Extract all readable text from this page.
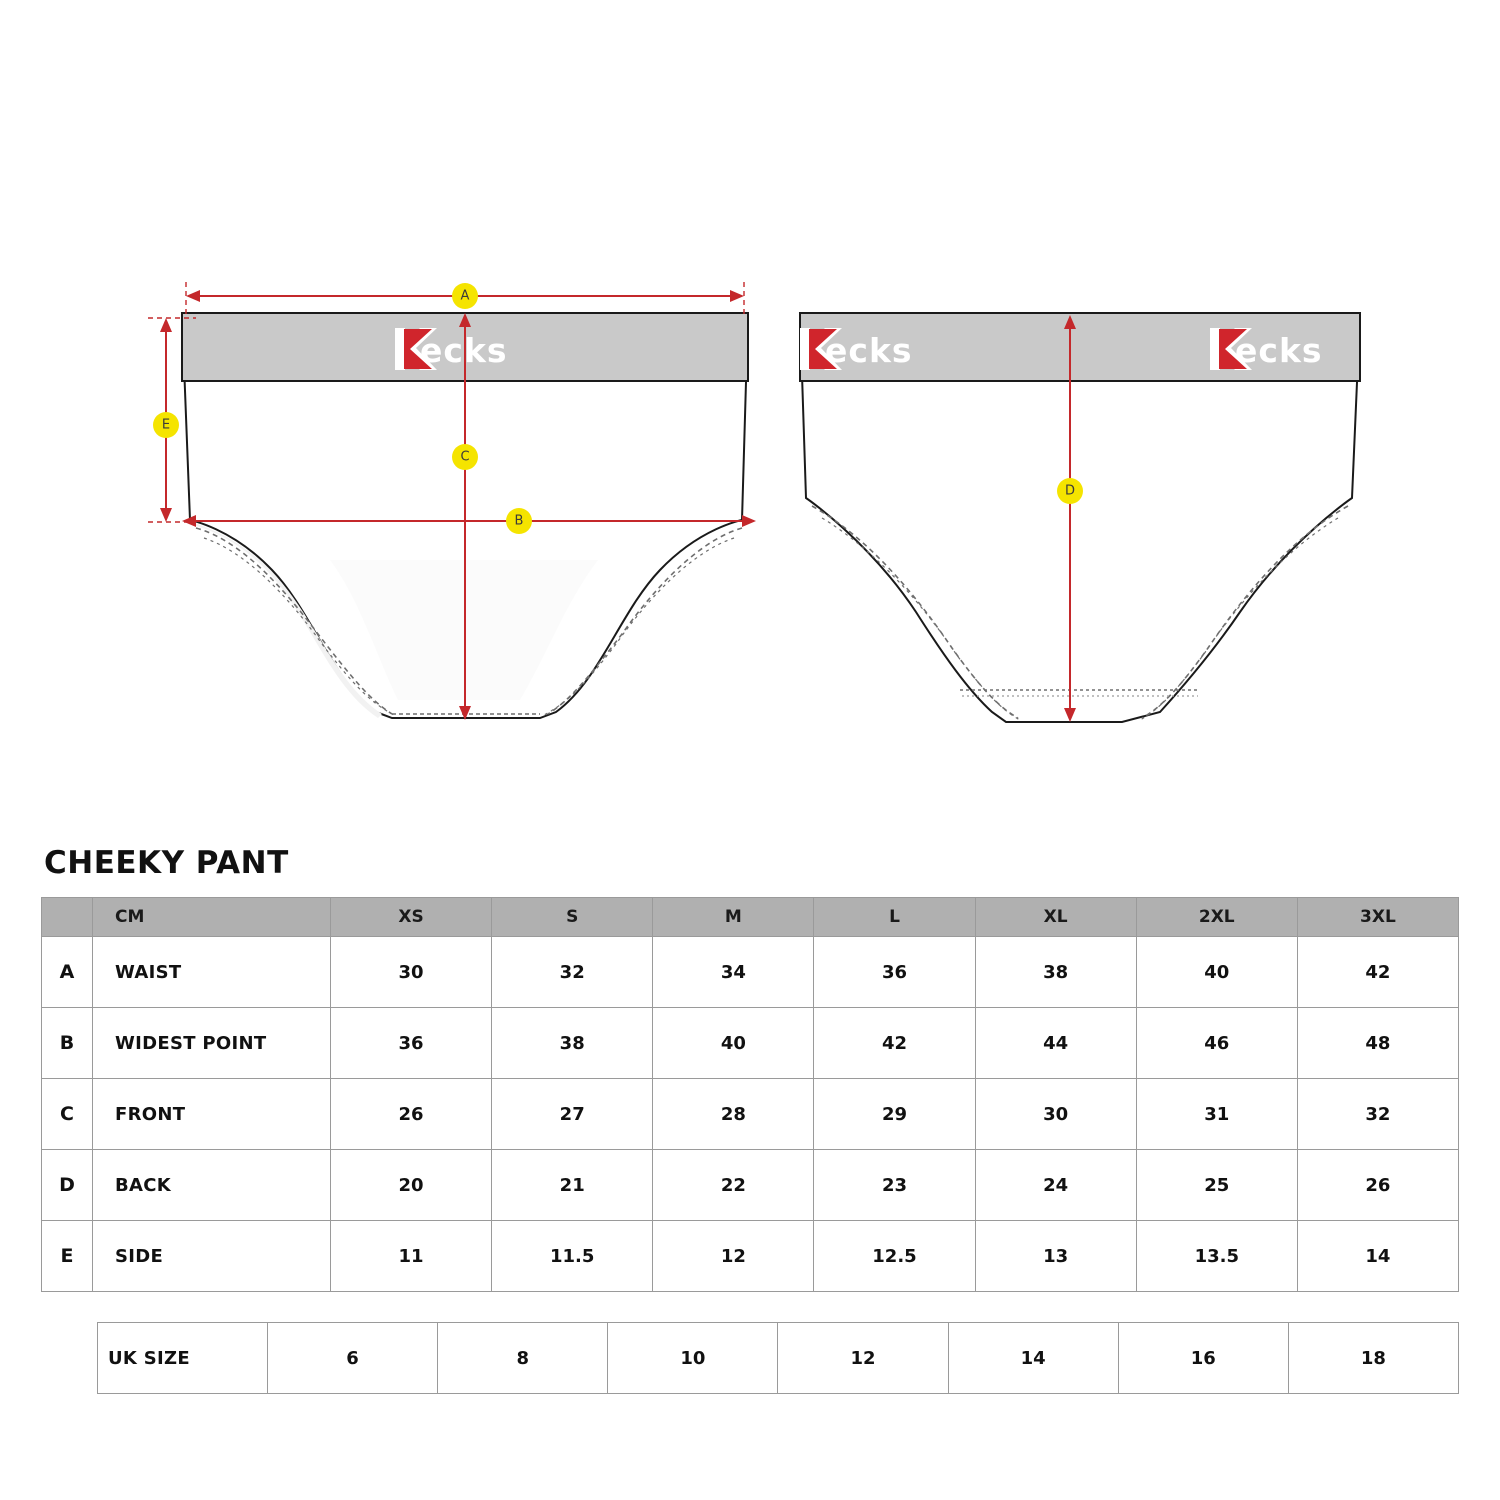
ecks
A
E
B
C
ecks	ecks
D
CHEEKY PANT
	CM	XS	S	M	L	XL	2XL	3XL
A	WAIST	30	32	34	36	38	40	42
B	WIDEST POINT	36	38	40	42	44	46	48
C	FRONT	26	27	28	29	30	31	32
D	BACK	20	21	22	23	24	25	26
E	SIDE	11	11.5	12	12.5	13	13.5	14
UK SIZE	6	8	10	12	14	16	18
